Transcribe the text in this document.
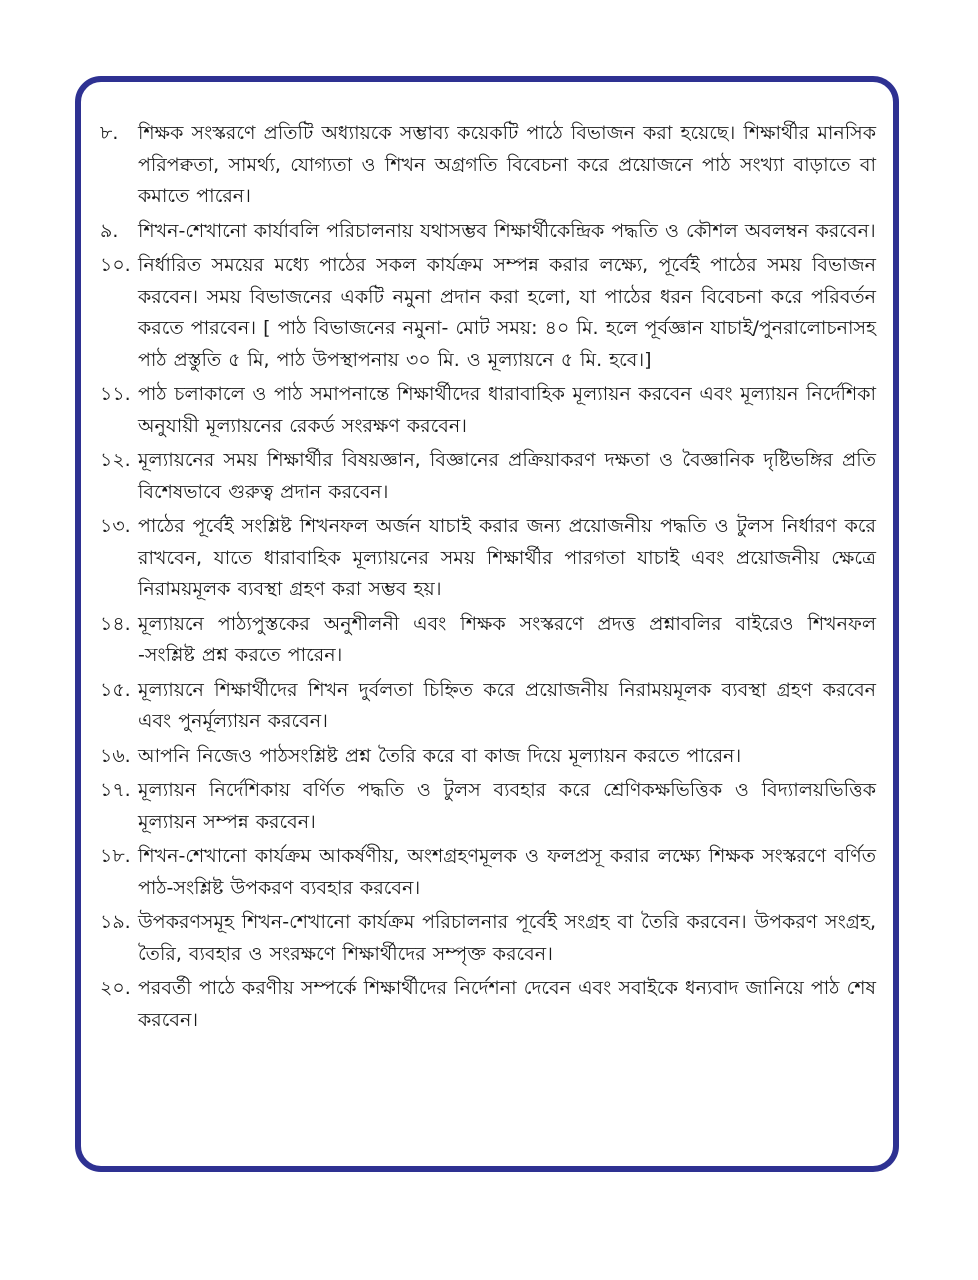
৮.	শিক্ষক সংস্করণে প্রতিটি অধ্যায়কে সম্ভাব্য কয়েকটি পাঠে বিভাজন করা হয়েছে। শিক্ষার্থীর মানসিক পরিপক্বতা, সামর্থ্য, যোগ্যতা ও শিখন অগ্রগতি বিবেচনা করে প্রয়োজনে পাঠ সংখ্যা বাড়াতে বা কমাতে পারেন।
৯.	শিখন-শেখানো কার্যাবলি পরিচালনায় যথাসম্ভব শিক্ষার্থীকেন্দ্রিক পদ্ধতি ও কৌশল অবলম্বন করবেন।
১০. নির্ধারিত সময়ের মধ্যে পাঠের সকল কার্যক্রম সম্পন্ন করার লক্ষ্যে, পূর্বেই পাঠের সময় বিভাজন করবেন। সময় বিভাজনের একটি নমুনা প্রদান করা হলো, যা পাঠের ধরন বিবেচনা করে পরিবর্তন করতে পারবেন। [ পাঠ বিভাজনের নমুনা- মোট সময়: ৪০ মি. হলে পূর্বজ্ঞান যাচাই/পুনরালোচনাসহ পাঠ প্রস্তুতি ৫ মি, পাঠ উপস্থাপনায় ৩০ মি. ও মূল্যায়নে ৫ মি. হবে।]
১১. পাঠ চলাকালে ও পাঠ সমাপনান্তে শিক্ষার্থীদের ধারাবাহিক মূল্যায়ন করবেন এবং মূল্যায়ন নির্দেশিকা অনুযায়ী মূল্যায়নের রেকর্ড সংরক্ষণ করবেন।
১২. মূল্যায়নের সময় শিক্ষার্থীর বিষয়জ্ঞান, বিজ্ঞানের প্রক্রিয়াকরণ দক্ষতা ও বৈজ্ঞানিক দৃষ্টিভঙ্গির প্রতি বিশেষভাবে গুরুত্ব প্রদান করবেন।
১৩. পাঠের পূর্বেই সংশ্লিষ্ট শিখনফল অর্জন যাচাই করার জন্য প্রয়োজনীয় পদ্ধতি ও টুলস নির্ধারণ করে রাখবেন, যাতে ধারাবাহিক মূল্যায়নের সময় শিক্ষার্থীর পারগতা যাচাই এবং প্রয়োজনীয় ক্ষেত্রে নিরাময়মূলক ব্যবস্থা গ্রহণ করা সম্ভব হয়।
১৪. মূল্যায়নে পাঠ্যপুস্তকের অনুশীলনী এবং শিক্ষক সংস্করণে প্রদত্ত প্রশ্নাবলির বাইরেও শিখনফল -সংশ্লিষ্ট প্রশ্ন করতে পারেন।
১৫. মূল্যায়নে শিক্ষার্থীদের শিখন দুর্বলতা চিহ্নিত করে প্রয়োজনীয় নিরাময়মূলক ব্যবস্থা গ্রহণ করবেন এবং পুনর্মূল্যায়ন করবেন।
১৬. আপনি নিজেও পাঠসংশ্লিষ্ট প্রশ্ন তৈরি করে বা কাজ দিয়ে মূল্যায়ন করতে পারেন।
১৭. মূল্যায়ন নির্দেশিকায় বর্ণিত পদ্ধতি ও টুলস ব্যবহার করে শ্রেণিকক্ষভিত্তিক ও বিদ্যালয়ভিত্তিক মূল্যায়ন সম্পন্ন করবেন।
১৮. শিখন-শেখানো কার্যক্রম আকর্ষণীয়, অংশগ্রহণমূলক ও ফলপ্রসূ করার লক্ষ্যে শিক্ষক সংস্করণে বর্ণিত পাঠ-সংশ্লিষ্ট উপকরণ ব্যবহার করবেন।
১৯. উপকরণসমূহ শিখন-শেখানো কার্যক্রম পরিচালনার পূর্বেই সংগ্রহ বা তৈরি করবেন। উপকরণ সংগ্রহ, তৈরি, ব্যবহার ও সংরক্ষণে শিক্ষার্থীদের সম্পৃক্ত করবেন।
২০. পরবর্তী পাঠে করণীয় সম্পর্কে শিক্ষার্থীদের নির্দেশনা দেবেন এবং সবাইকে ধন্যবাদ জানিয়ে পাঠ শেষ করবেন।
